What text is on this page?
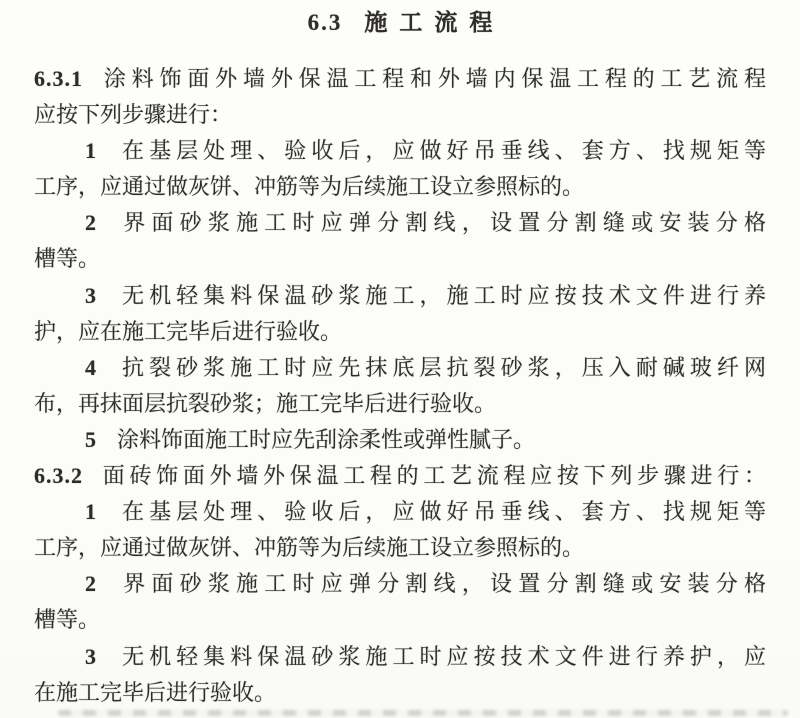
6.3 施工流程
6.3.1 涂料饰面外墙外保温工程和外墙内保温工程的工艺流程
应按下列步骤进行：
1 在基层处理、验收后，应做好吊垂线、套方、找规矩等
工序，应通过做灰饼、冲筋等为后续施工设立参照标的。
2 界面砂浆施工时应弹分割线，设置分割缝或安装分格
槽等。
3 无机轻集料保温砂浆施工，施工时应按技术文件进行养
护，应在施工完毕后进行验收。
4 抗裂砂浆施工时应先抹底层抗裂砂浆，压入耐碱玻纤网
布，再抹面层抗裂砂浆；施工完毕后进行验收。
5 涂料饰面施工时应先刮涂柔性或弹性腻子。
6.3.2 面砖饰面外墙外保温工程的工艺流程应按下列步骤进行：
1 在基层处理、验收后，应做好吊垂线、套方、找规矩等
工序，应通过做灰饼、冲筋等为后续施工设立参照标的。
2 界面砂浆施工时应弹分割线，设置分割缝或安装分格
槽等。
3 无机轻集料保温砂浆施工时应按技术文件进行养护，应
在施工完毕后进行验收。
